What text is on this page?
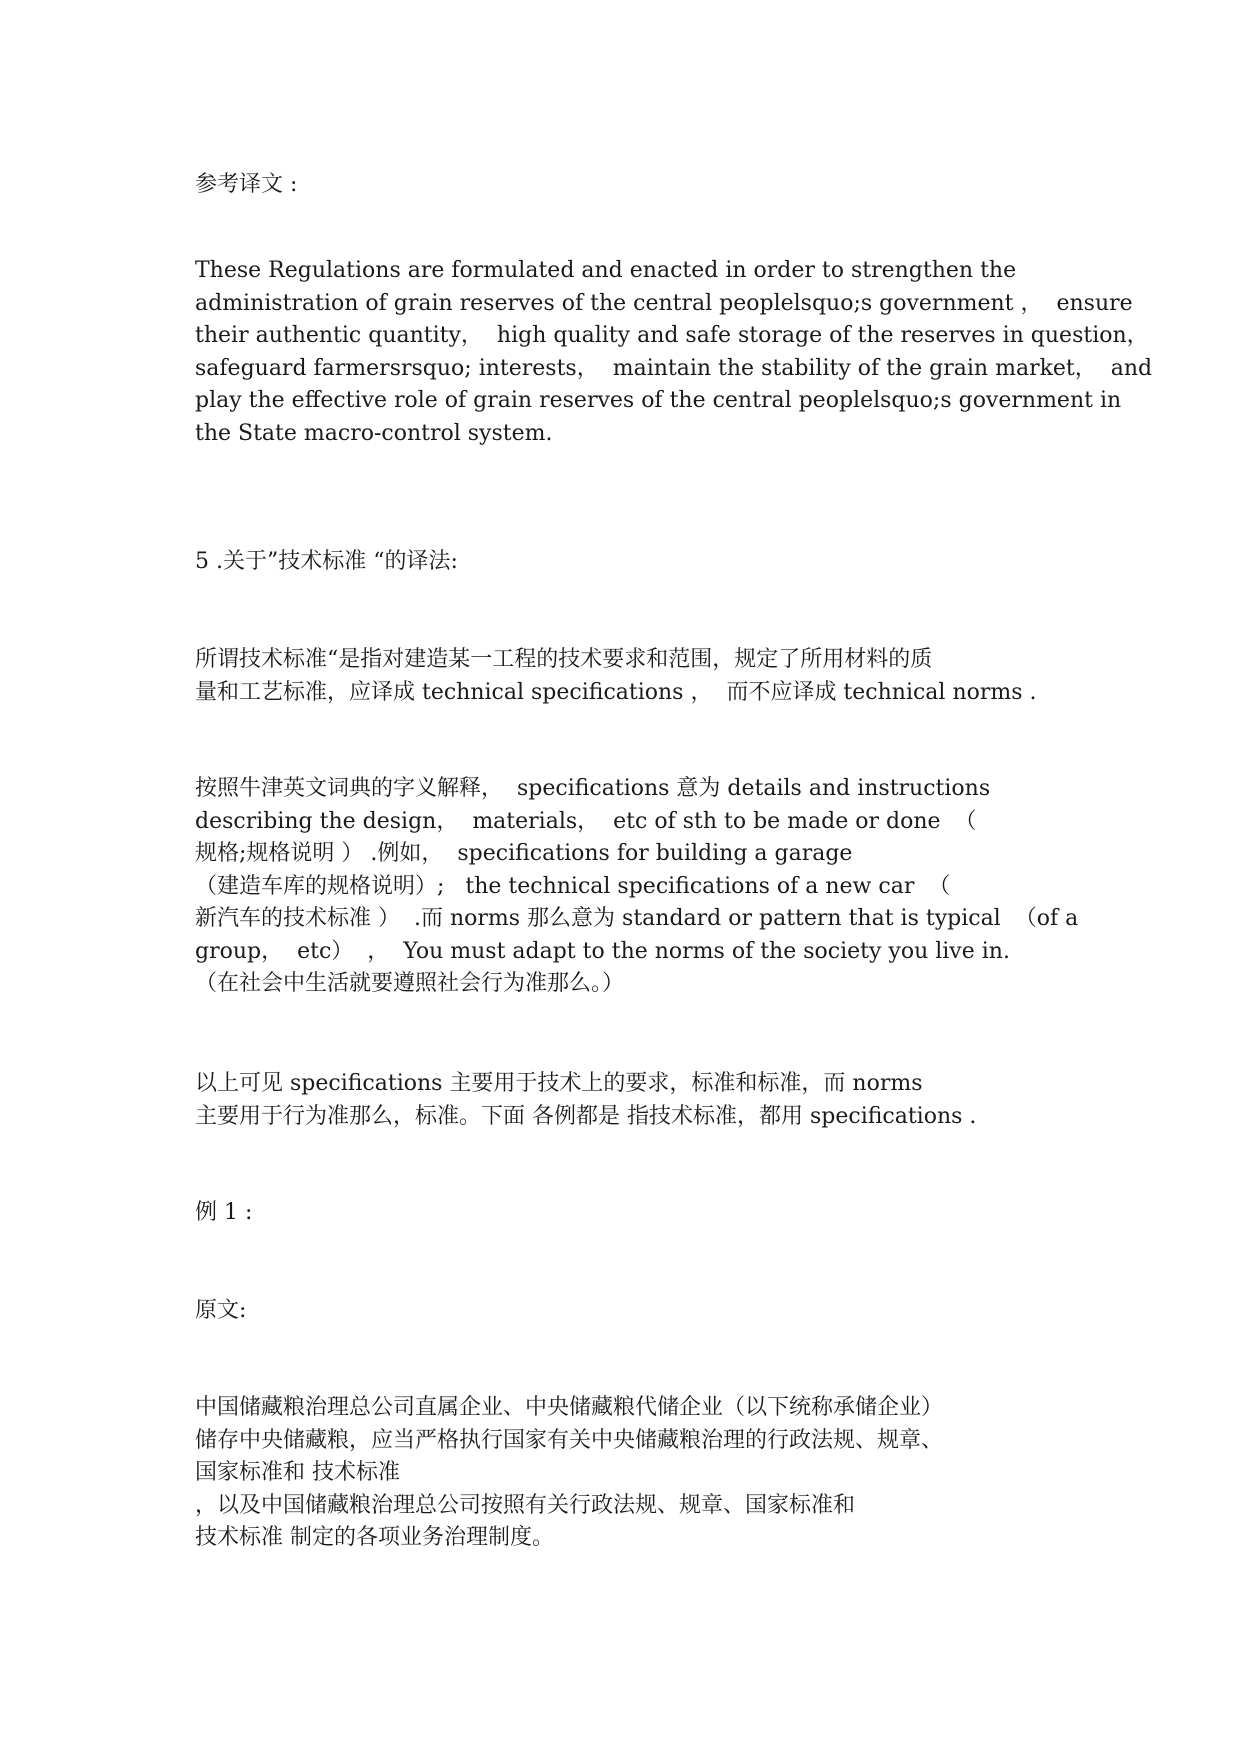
参考译文 :
These Regulations are formulated and enacted in order to strengthen the
administration of grain reserves of the central peoplelsquo;s government ，  ensure
their authentic quantity，  high quality and safe storage of the reserves in question，
safeguard farmersrsquo; interests，  maintain the stability of the grain market，  and
play the effective role of grain reserves of the central peoplelsquo;s government in
the State macro-control system.
5 .关于”技术标准 “的译法:
所谓技术标准“是指对建造某一工程的技术要求和范围，规定了所用材料的质
量和工艺标准，应译成 technical specifications ，  而不应译成 technical norms .
按照牛津英文词典的字义解释，  specifications 意为 details and instructions
describing the design，  materials，  etc of sth to be made or done  （
规格;规格说明 ） .例如，  specifications for building a garage
（建造车库的规格说明）;   the technical specifications of a new car  （
新汽车的技术标准 ）  .而 norms 那么意为 standard or pattern that is typical  （of a
group，  etc）  ，  You must adapt to the norms of the society you live in.
（在社会中生活就要遵照社会行为准那么。）
以上可见 specifications 主要用于技术上的要求，标准和标准，而 norms
主要用于行为准那么，标准。下面 各例都是 指技术标准，都用 specifications .
例 1 :
原文:
中国储藏粮治理总公司直属企业、中央储藏粮代储企业（以下统称承储企业）
储存中央储藏粮，应当严格执行国家有关中央储藏粮治理的行政法规、规章、
国家标准和 技术标准
，以及中国储藏粮治理总公司按照有关行政法规、规章、国家标准和
技术标准 制定的各项业务治理制度。
